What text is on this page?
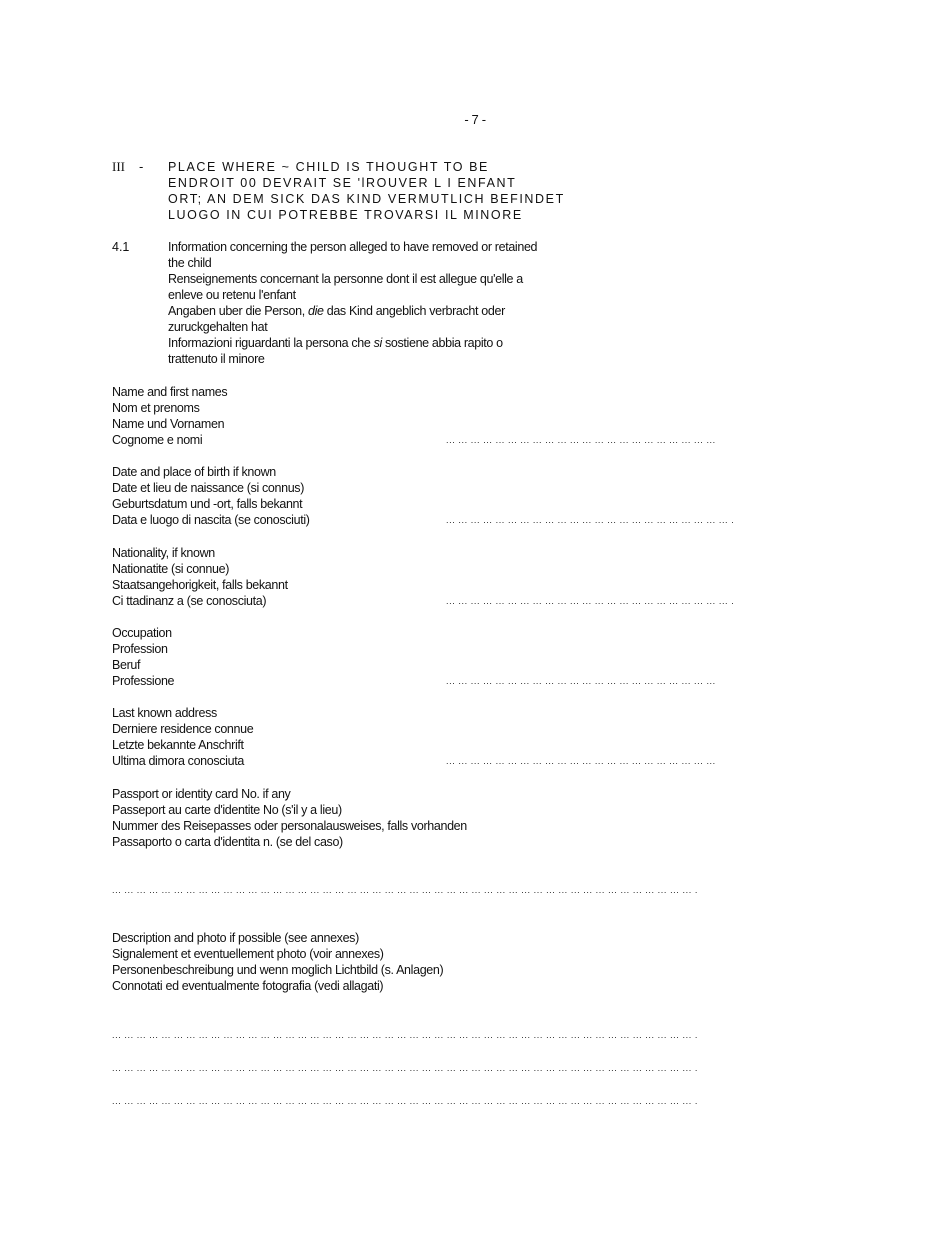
- 7 -
III - PLACE WHERE ~ CHILD IS THOUGHT TO BE
ENDROIT 00 DEVRAIT SE 'lROUVER L I ENFANT
ORT; AN DEM SICK DAS KIND VERMUTLICH BEFINDET
LUOGO IN CUI POTREBBE TROVARSI IL MINORE
4.1	Information concerning the person alleged to have removed or retained
the child
Renseignements concernant la personne dont il est allegue qu'elle a
enleve ou retenu l'enfant
Angaben uber die Person, die das Kind angeblich verbracht oder
zuruckgehalten hat
Informazioni riguardanti la persona che si sostiene abbia rapito o
trattenuto il minore
Name and first names
Nom et prenoms
Name und Vornamen
Cognome e nomi	... ... ... ... ... ... ... ... ... ... ... ... ... ... ... ... ... ... ... ... ... ...
Date and place of birth if known
Date et lieu de naissance (si connus)
Geburtsdatum und -ort, falls bekannt
Data e luogo di nascita (se conosciuti)	... ... ... ... ... ... ... ... ... ... ... ... ... ... ... ... ... ... ... ... ... ... ... .
Nationality, if known
Nationatite (si connue)
Staatsangehorigkeit, falls bekannt
Ci ttadinanz a (se conosciuta)	... ... ... ... ... ... ... ... ... ... ... ... ... ... ... ... ... ... ... ... ... ... ... .
Occupation
Profession
Beruf
Professione	... ... ... ... ... ... ... ... ... ... ... ... ... ... ... ... ... ... ... ... ... ...
Last known address
Derniere residence connue
Letzte bekannte Anschrift
Ultima dimora conosciuta	... ... ... ... ... ... ... ... ... ... ... ... ... ... ... ... ... ... ... ... ... ...
Passport or identity card No. if any
Passeport au carte d'identite No (s'il y a lieu)
Nummer des Reisepasses oder personalausweises, falls vorhanden
Passaporto o carta d'identita n. (se del caso)
... ... ... ... ... ... ... ... ... ... ... ... ... ... ... ... ... ... ... ... ... ... ... ... ... ... ... ... ... ... ... ... ... ... ... ... ... ... ... ... ... ... ... ... ... ... ... .
Description and photo if possible (see annexes)
Signalement et eventuellement photo (voir annexes)
Personenbeschreibung und wenn moglich Lichtbild (s. Anlagen)
Connotati ed eventualmente fotografia (vedi allagati)
... ... ... ... ... ... ... ... ... ... ... ... ... ... ... ... ... ... ... ... ... ... ... ... ... ... ... ... ... ... ... ... ... ... ... ... ... ... ... ... ... ... ... ... ... ... ... .
... ... ... ... ... ... ... ... ... ... ... ... ... ... ... ... ... ... ... ... ... ... ... ... ... ... ... ... ... ... ... ... ... ... ... ... ... ... ... ... ... ... ... ... ... ... ... .
... ... ... ... ... ... ... ... ... ... ... ... ... ... ... ... ... ... ... ... ... ... ... ... ... ... ... ... ... ... ... ... ... ... ... ... ... ... ... ... ... ... ... ... ... ... ... .
